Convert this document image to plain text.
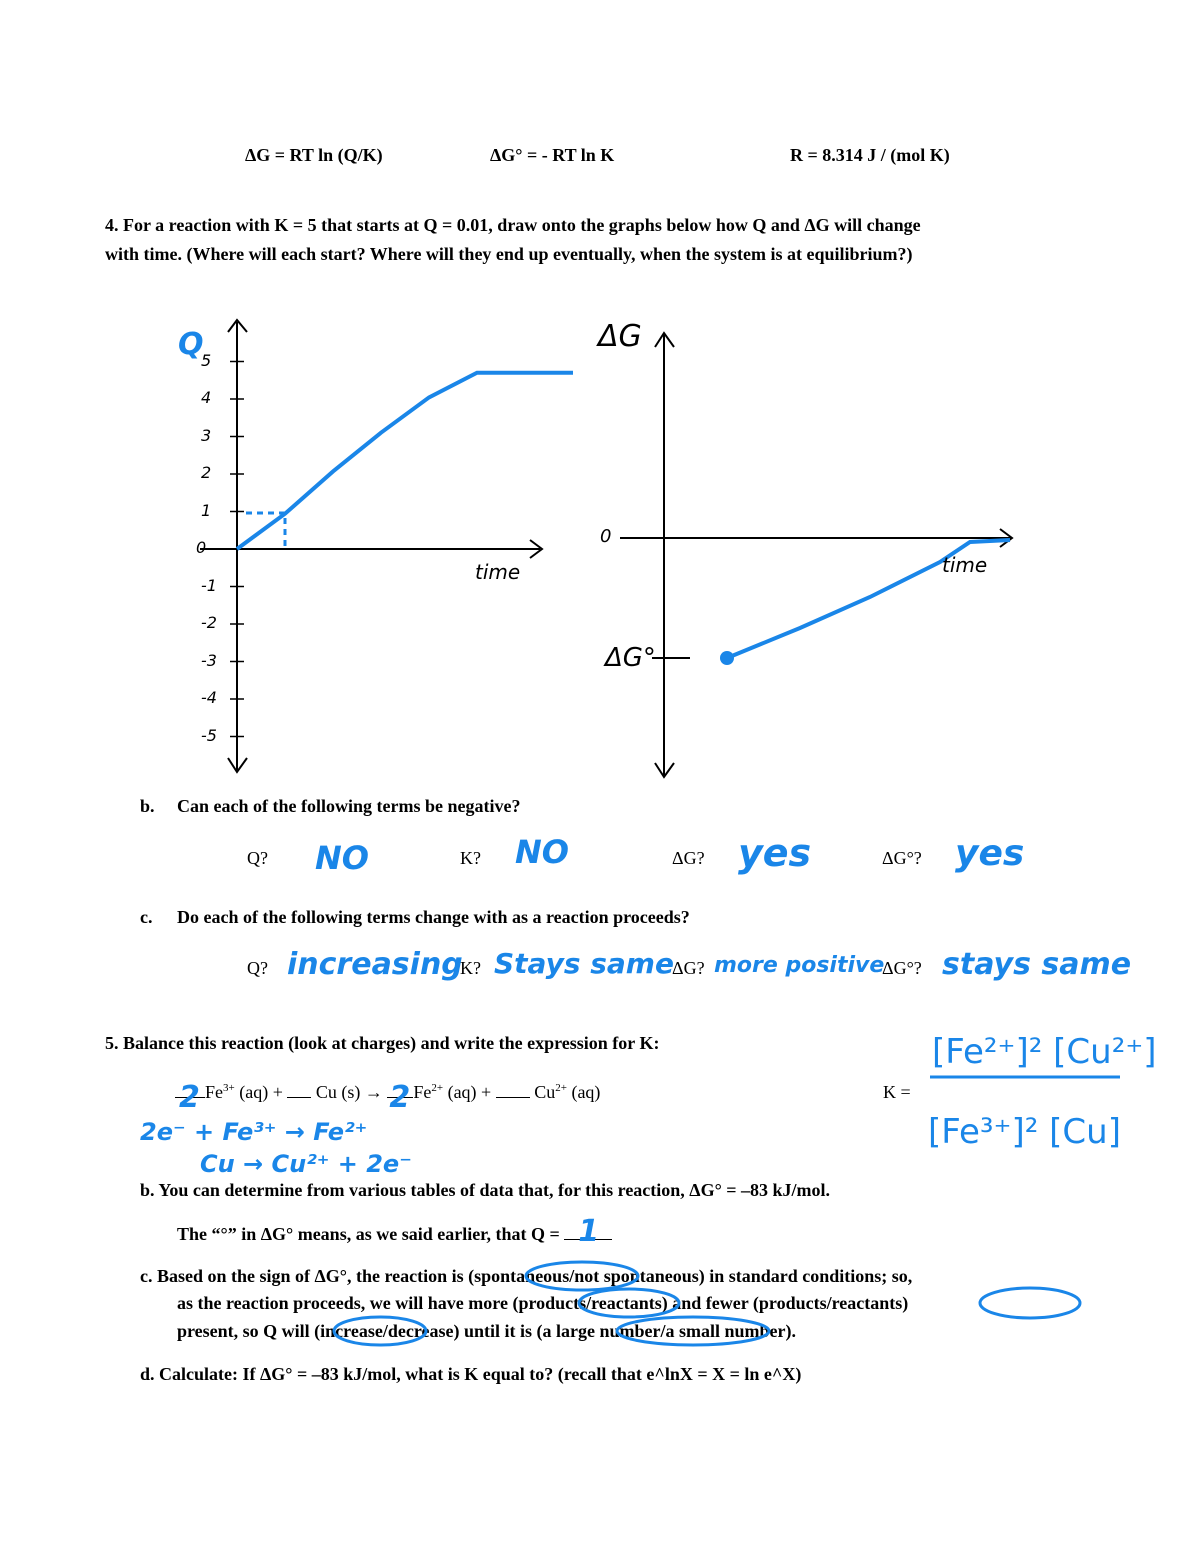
ΔG = RT ln (Q/K)	ΔG° = - RT ln K	R = 8.314 J / (mol K)
4. For a reaction with K = 5 that starts at Q = 0.01, draw onto the graphs below how Q and ΔG will change
with time. (Where will each start? Where will they end up eventually, when the system is at equilibrium?)
5
4
3
2
1
0
-1
-2
-3
-4
-5
Q
time
ΔG
0
ΔG°
time
b. Can each of the following terms be negative?
Q? NO	K? NO	ΔG? yes	ΔG°? yes
c. Do each of the following terms change with as a reaction proceeds?
Q? increasing
K? Stays same
ΔG? more positive
ΔG°? stays same
5. Balance this reaction (look at charges) and write the expression for K:
2 $Fe^{3+}$ (aq) + Cu (s) → 2 $Fe^{2+}$ $(aq) + Cu^{2+}$ (aq)	K =
[Fe²⁺]² [Cu²⁺]
[Fe³⁺]² [Cu]
2e⁻ + Fe³⁺ → Fe²⁺
Cu → Cu²⁺ + 2e⁻
b. You can determine from various tables of data that, for this reaction, ΔG° = –83 kJ/mol.
The “°” in ΔG° means, as we said earlier, that Q = 1
c. Based on the sign of ΔG°, the reaction is (spontaneous/not spontaneous) in standard conditions; so,
as the reaction proceeds, we will have more (products/reactants) and fewer (products/reactants)
present, so Q will (increase/decrease) until it is (a large number/a small number).
d. Calculate: If ΔG° = –83 kJ/mol, what is K equal to? (recall that e^lnX = X = ln e^X)
